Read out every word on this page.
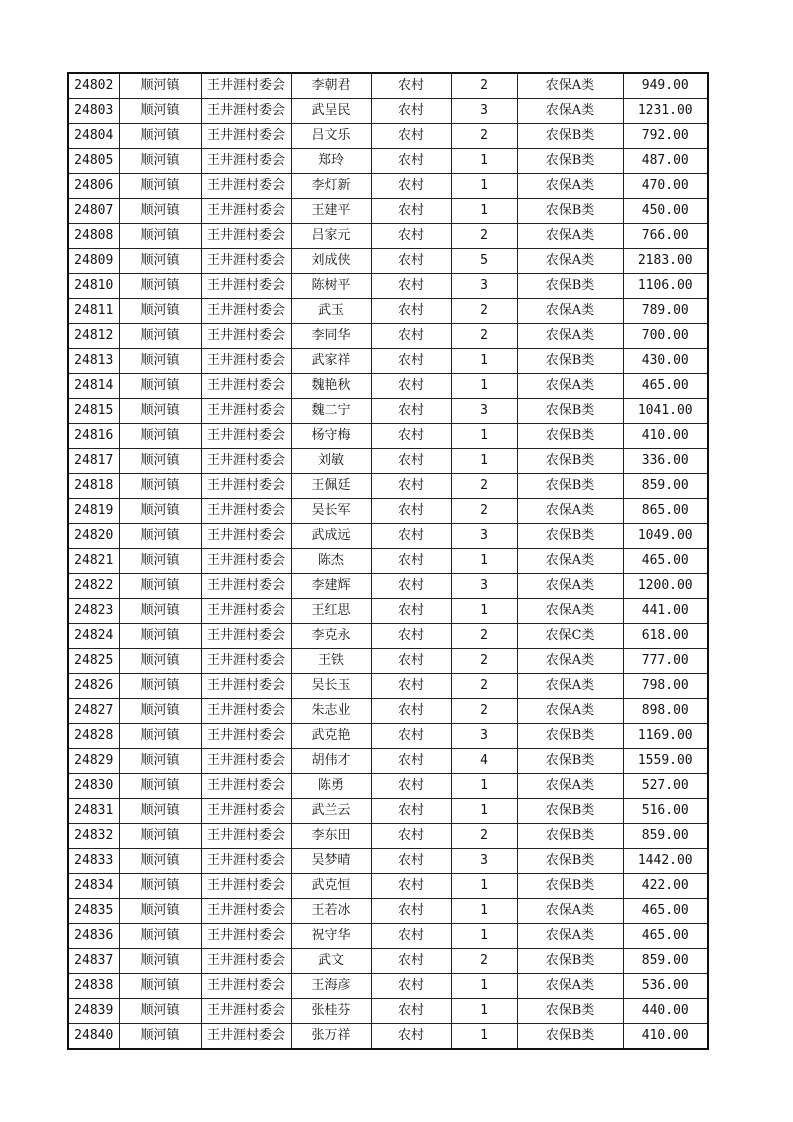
24802	顺河镇	王井涯村委会	李朝君	农村	2	农保A类	949.00
24803	顺河镇	王井涯村委会	武呈民	农村	3	农保A类	1231.00
24804	顺河镇	王井涯村委会	吕文乐	农村	2	农保B类	792.00
24805	顺河镇	王井涯村委会	郑玲	农村	1	农保B类	487.00
24806	顺河镇	王井涯村委会	李灯新	农村	1	农保A类	470.00
24807	顺河镇	王井涯村委会	王建平	农村	1	农保B类	450.00
24808	顺河镇	王井涯村委会	吕家元	农村	2	农保A类	766.00
24809	顺河镇	王井涯村委会	刘成侠	农村	5	农保A类	2183.00
24810	顺河镇	王井涯村委会	陈树平	农村	3	农保B类	1106.00
24811	顺河镇	王井涯村委会	武玉	农村	2	农保A类	789.00
24812	顺河镇	王井涯村委会	李同华	农村	2	农保A类	700.00
24813	顺河镇	王井涯村委会	武家祥	农村	1	农保B类	430.00
24814	顺河镇	王井涯村委会	魏艳秋	农村	1	农保A类	465.00
24815	顺河镇	王井涯村委会	魏二宁	农村	3	农保B类	1041.00
24816	顺河镇	王井涯村委会	杨守梅	农村	1	农保B类	410.00
24817	顺河镇	王井涯村委会	刘敏	农村	1	农保B类	336.00
24818	顺河镇	王井涯村委会	王佩廷	农村	2	农保B类	859.00
24819	顺河镇	王井涯村委会	吴长军	农村	2	农保A类	865.00
24820	顺河镇	王井涯村委会	武成远	农村	3	农保B类	1049.00
24821	顺河镇	王井涯村委会	陈杰	农村	1	农保A类	465.00
24822	顺河镇	王井涯村委会	李建辉	农村	3	农保A类	1200.00
24823	顺河镇	王井涯村委会	王红思	农村	1	农保A类	441.00
24824	顺河镇	王井涯村委会	李克永	农村	2	农保C类	618.00
24825	顺河镇	王井涯村委会	王铁	农村	2	农保A类	777.00
24826	顺河镇	王井涯村委会	吴长玉	农村	2	农保A类	798.00
24827	顺河镇	王井涯村委会	朱志业	农村	2	农保A类	898.00
24828	顺河镇	王井涯村委会	武克艳	农村	3	农保B类	1169.00
24829	顺河镇	王井涯村委会	胡伟才	农村	4	农保B类	1559.00
24830	顺河镇	王井涯村委会	陈勇	农村	1	农保A类	527.00
24831	顺河镇	王井涯村委会	武兰云	农村	1	农保B类	516.00
24832	顺河镇	王井涯村委会	李东田	农村	2	农保B类	859.00
24833	顺河镇	王井涯村委会	吴梦晴	农村	3	农保B类	1442.00
24834	顺河镇	王井涯村委会	武克恒	农村	1	农保B类	422.00
24835	顺河镇	王井涯村委会	王若冰	农村	1	农保A类	465.00
24836	顺河镇	王井涯村委会	祝守华	农村	1	农保A类	465.00
24837	顺河镇	王井涯村委会	武文	农村	2	农保B类	859.00
24838	顺河镇	王井涯村委会	王海彦	农村	1	农保A类	536.00
24839	顺河镇	王井涯村委会	张桂芬	农村	1	农保B类	440.00
24840	顺河镇	王井涯村委会	张万祥	农村	1	农保B类	410.00
